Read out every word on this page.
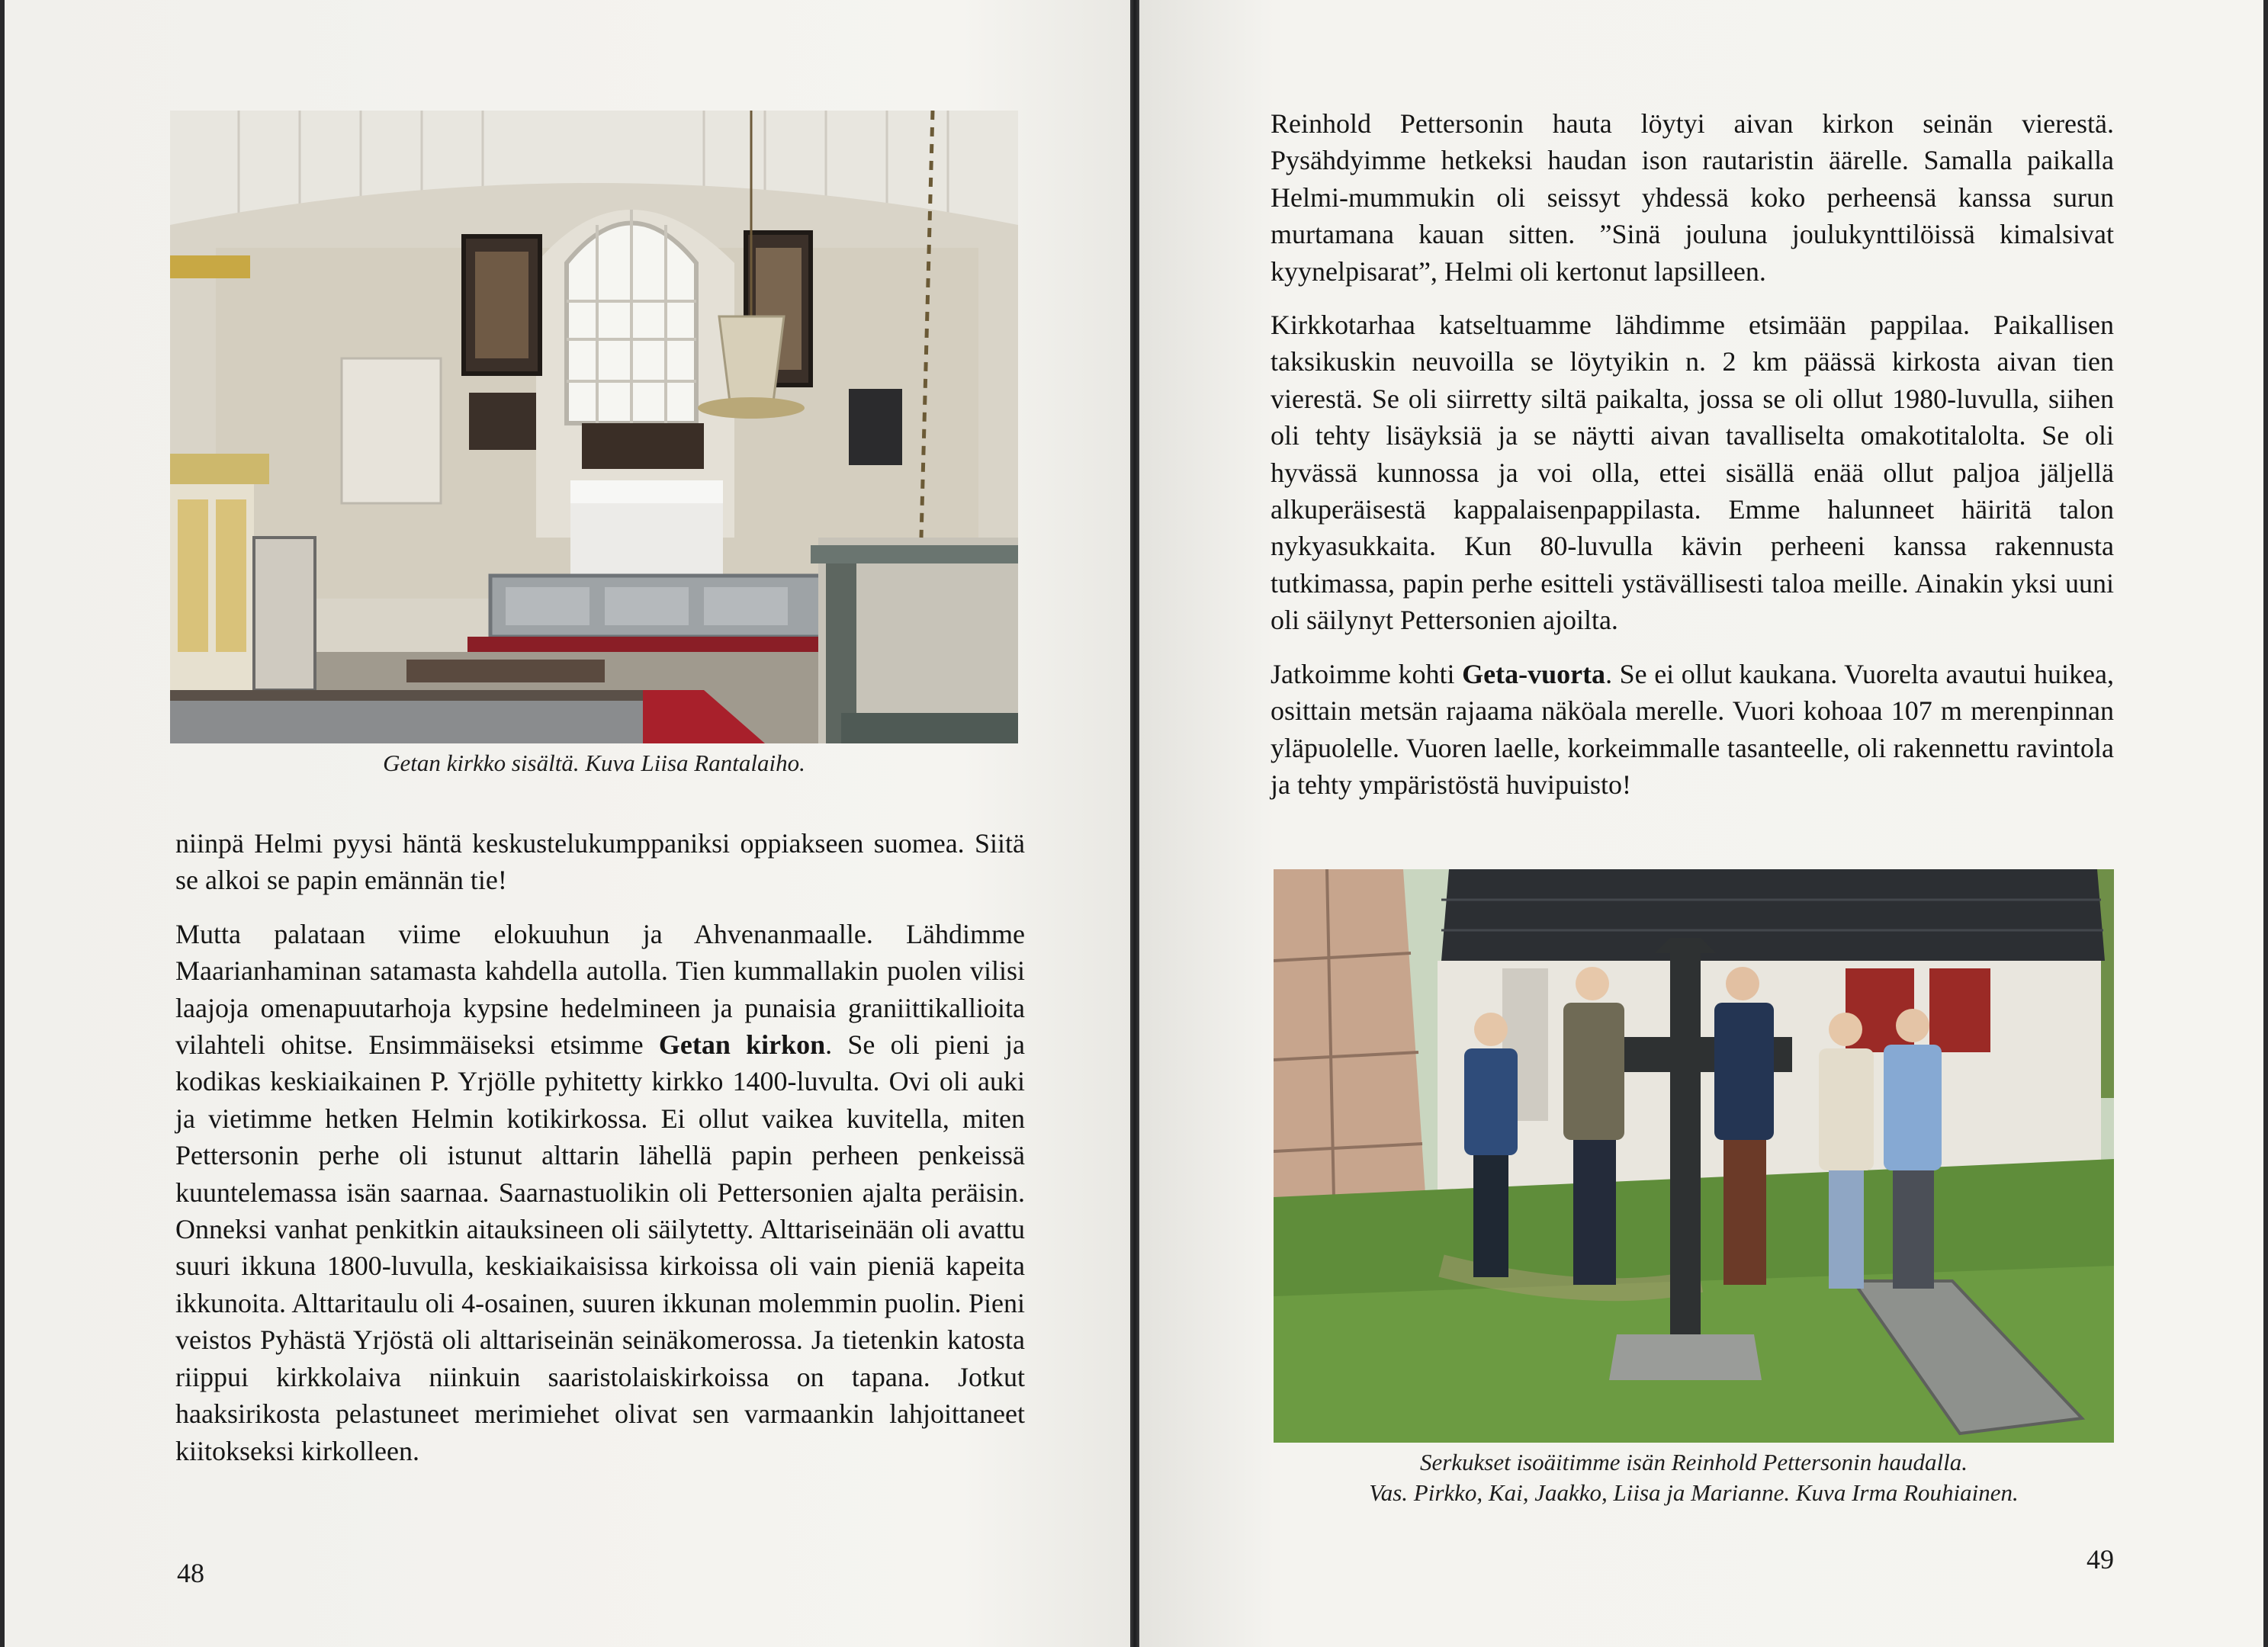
Getan kirkko sisältä. Kuva Liisa Rantalaiho.

niinpä Helmi pyysi häntä keskustelukumppaniksi oppiakseen suomea. Siitä se alkoi se papin emännän tie!

Mutta palataan viime elokuuhun ja Ahvenanmaalle. Lähdimme Maarianhaminan satamasta kahdella autolla. Tien kummallakin puolen vilisi laajoja omenapuutarhoja kypsine hedelmineen ja punaisia graniittikallioita vilahteli ohitse. Ensimmäiseksi etsimme Getan kirkon. Se oli pieni ja kodikas keskiaikainen P. Yrjölle pyhitetty kirkko 1400-luvulta. Ovi oli auki ja vietimme hetken Helmin kotikirkossa. Ei ollut vaikea kuvitella, miten Pettersonin perhe oli istunut alttarin lähellä papin perheen penkeissä kuuntelemassa isän saarnaa. Saarnastuolikin oli Pettersonien ajalta peräisin. Onneksi vanhat penkitkin aitauksineen oli säilytetty. Alttariseinään oli avattu suuri ikkuna 1800-luvulla, keskiaikaisissa kirkoissa oli vain pieniä kapeita ikkunoita. Alttaritaulu oli 4-osainen, suuren ikkunan molemmin puolin. Pieni veistos Pyhästä Yrjöstä oli alttariseinän seinäkomerossa. Ja tietenkin katosta riippui kirkkolaiva niinkuin saaristolaiskirkoissa on tapana. Jotkut haaksirikosta pelastuneet merimiehet olivat sen varmaankin lahjoittaneet kiitokseksi kirkolleen.

48

Reinhold Pettersonin hauta löytyi aivan kirkon seinän vierestä. Pysähdyimme hetkeksi haudan ison rautaristin äärelle. Samalla paikalla Helmi-mummukin oli seissyt yhdessä koko perheensä kanssa surun murtamana kauan sitten. ”Sinä jouluna joulukynttilöissä kimalsivat kyynelpisarat”, Helmi oli kertonut lapsilleen.

Kirkkotarhaa katseltuamme lähdimme etsimään pappilaa. Paikallisen taksikuskin neuvoilla se löytyikin n. 2 km päässä kirkosta aivan tien vierestä. Se oli siirretty siltä paikalta, jossa se oli ollut 1980-luvulla, siihen oli tehty lisäyksiä ja se näytti aivan tavalliselta omakotitalolta. Se oli hyvässä kunnossa ja voi olla, ettei sisällä enää ollut paljoa jäljellä alkuperäisestä kappalaisenpappilasta. Emme halunneet häiritä talon nykyasukkaita. Kun 80-luvulla kävin perheeni kanssa rakennusta tutkimassa, papin perhe esitteli ystävällisesti taloa meille. Ainakin yksi uuni oli säilynyt Pettersonien ajoilta.

Jatkoimme kohti Geta-vuorta. Se ei ollut kaukana. Vuorelta avautui huikea, osittain metsän rajaama näköala merelle. Vuori kohoaa 107 m merenpinnan yläpuolelle. Vuoren laelle, korkeimmalle tasanteelle, oli rakennettu ravintola ja tehty ympäristöstä huvipuisto!

Serkukset isoäitimme isän Reinhold Pettersonin haudalla.
Vas. Pirkko, Kai, Jaakko, Liisa ja Marianne. Kuva Irma Rouhiainen.
49
